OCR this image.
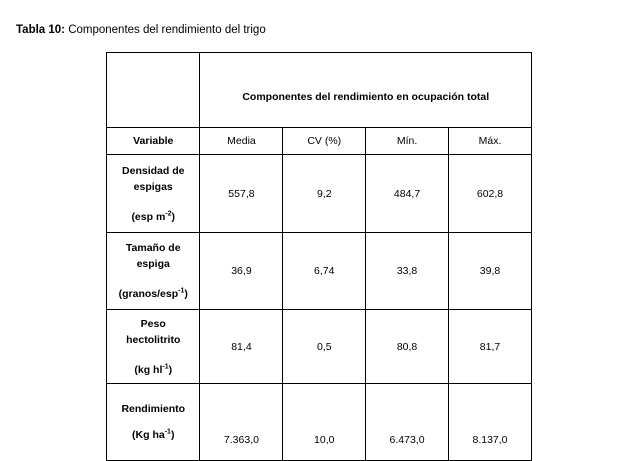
Tabla 10: Componentes del rendimiento del trigo
	Componentes del rendimiento en ocupación total			
Variable	Media	CV (%)	Mín.	Máx.

Densidad de
espigas
(esp $m^{-2}$)	557,8	9,2	484,7	602,8

Tamaño de
espiga
(granos/esp$^{-1}$)	36,9	6,74	33,8	39,8

Peso
hectolitrito
(kg $hl^{-1}$)	81,4	0,5	80,8	81,7

Rendimiento
(Kg $ha^{-1}$)	7.363,0	10,0	6.473,0	8.137,0
